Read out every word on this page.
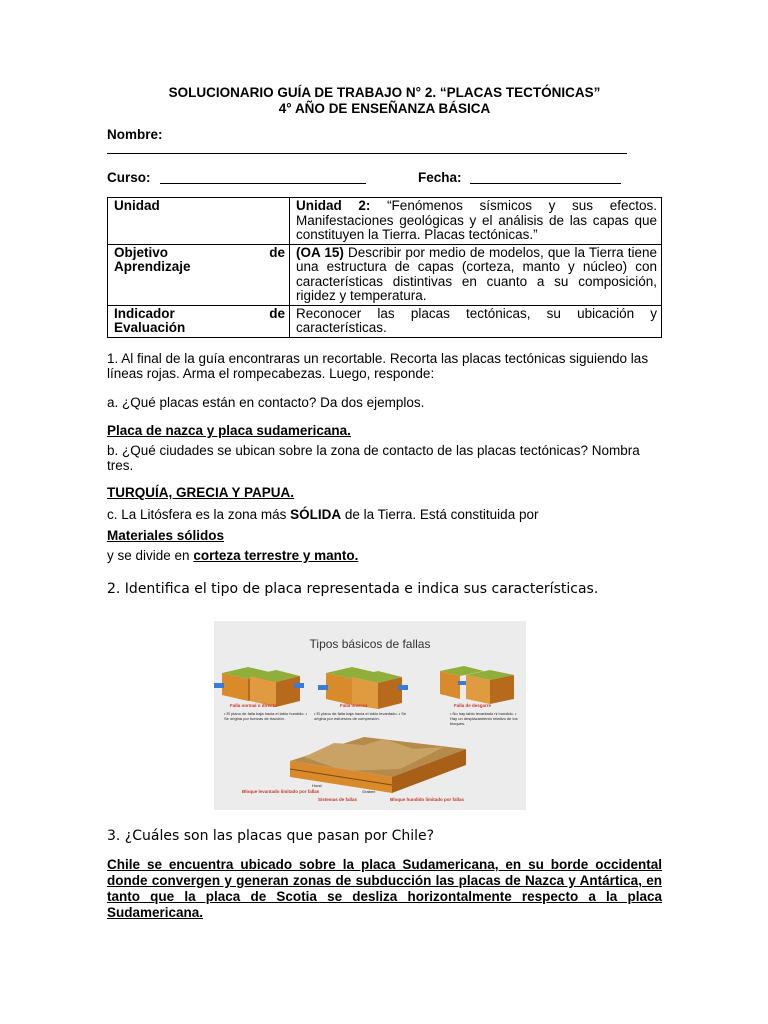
SOLUCIONARIO GUÍA DE TRABAJO N° 2. “PLACAS TECTÓNICAS”
4° AÑO DE ENSEÑANZA BÁSICA
Nombre:
Curso:	Fecha:
Unidad	Unidad 2: “Fenómenos sísmicos y sus efectos. Manifestaciones geológicas y el análisis de las capas que constituyen la Tierra. Placas tectónicas.”

Objetivo de
Aprendizaje	(OA 15) Describir por medio de modelos, que la Tierra tiene una estructura de capas (corteza, manto y núcleo) con características distintivas en cuanto a su composición, rigidez y temperatura.

Indicador de
Evaluación	Reconocer las placas tectónicas, su ubicación y características.
1. Al final de la guía encontraras un recortable. Recorta las placas tectónicas siguiendo las líneas rojas. Arma el rompecabezas. Luego, responde:
a. ¿Qué placas están en contacto? Da dos ejemplos.
Placa de nazca y placa sudamericana.
b. ¿Qué ciudades se ubican sobre la zona de contacto de las placas tectónicas? Nombra tres.
TURQUÍA, GRECIA Y PAPUA.
c. La Litósfera es la zona más SÓLIDA de la Tierra. Está constituida por
Materiales sólidos
y se divide en corteza terrestre y manto.
2. Identifica el tipo de placa representada e indica sus características.
Tipos básicos de fallas
Falla normal o directa	Falla inversa	Falla de desgarre
• El plano de falla baja hacia el labio hundido. • Se origina por fuerzas de tracción.
• El plano de falla baja hacia el labio levantado. • Se origina por esfuerzos de compresión.
• No hay labio levantado ni hundido. • Hay un desplazamiento relativo de los bloques.
Horst
Graben
Sistemas de fallas
Bloque levantado limitado por fallas
Bloque hundido limitado por fallas
3. ¿Cuáles son las placas que pasan por Chile?
Chile se encuentra ubicado sobre la placa Sudamericana, en su borde occidental donde convergen y generan zonas de subducción las placas de Nazca y Antártica, en tanto que la placa de Scotia se desliza horizontalmente respecto a la placa Sudamericana.
